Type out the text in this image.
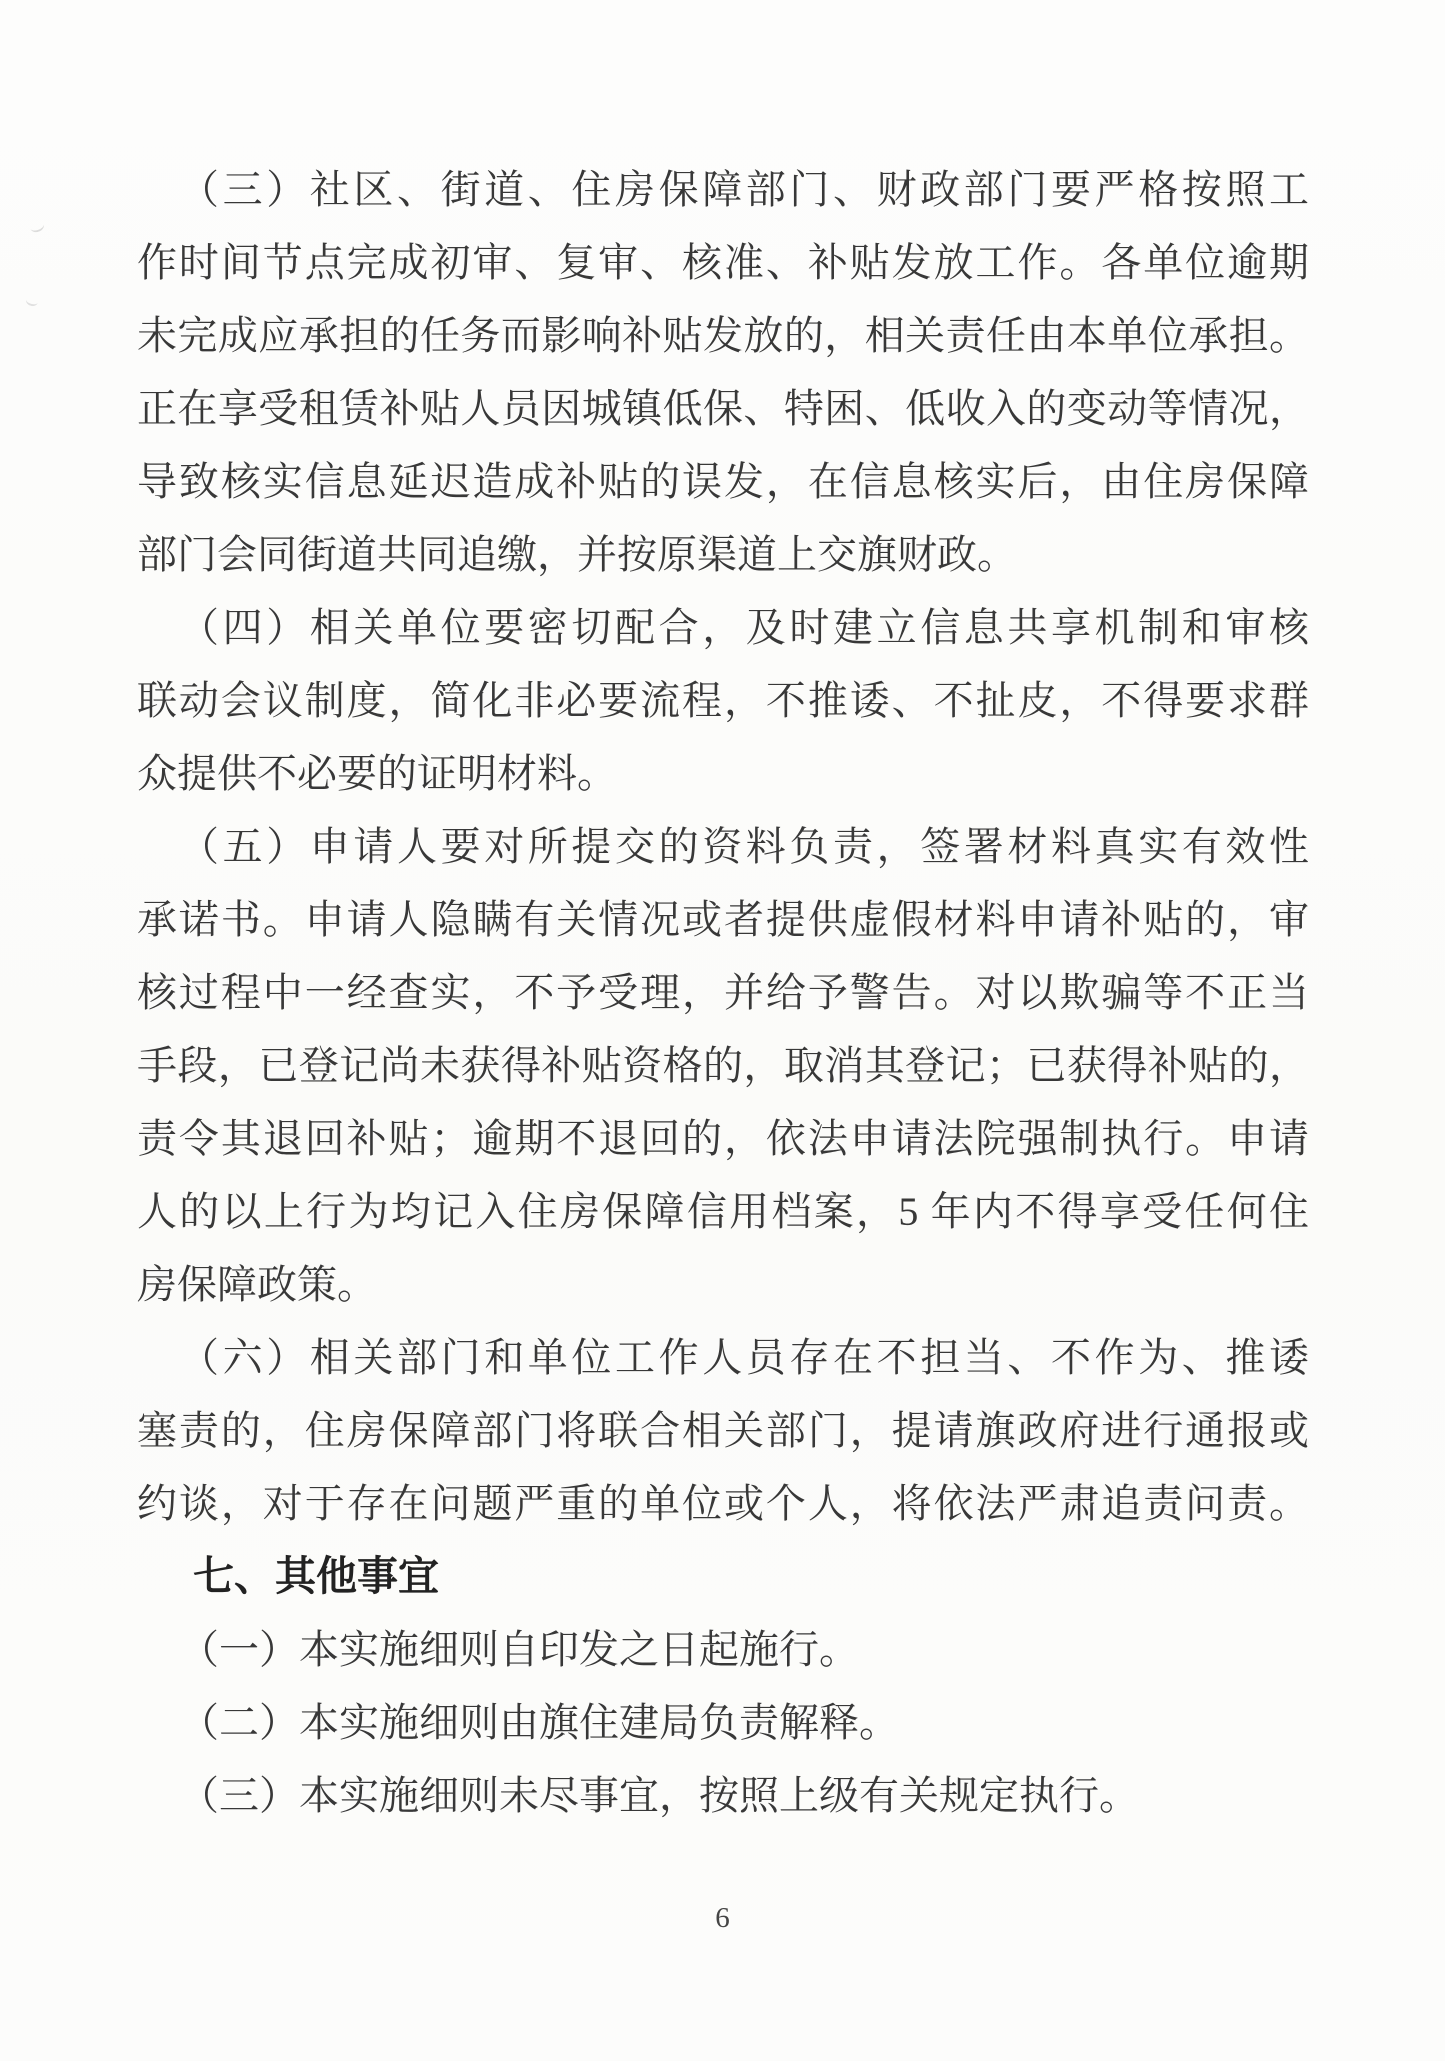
（三）社区、街道、住房保障部门、财政部门要严格按照工
作时间节点完成初审、复审、核准、补贴发放工作。各单位逾期
未完成应承担的任务而影响补贴发放的，相关责任由本单位承担。
正在享受租赁补贴人员因城镇低保、特困、低收入的变动等情况，
导致核实信息延迟造成补贴的误发，在信息核实后，由住房保障
部门会同街道共同追缴，并按原渠道上交旗财政。
（四）相关单位要密切配合，及时建立信息共享机制和审核
联动会议制度，简化非必要流程，不推诿、不扯皮，不得要求群
众提供不必要的证明材料。
（五）申请人要对所提交的资料负责，签署材料真实有效性
承诺书。申请人隐瞒有关情况或者提供虚假材料申请补贴的，审
核过程中一经查实，不予受理，并给予警告。对以欺骗等不正当
手段，已登记尚未获得补贴资格的，取消其登记；已获得补贴的，
责令其退回补贴；逾期不退回的，依法申请法院强制执行。申请
人的以上行为均记入住房保障信用档案，5 年内不得享受任何住
房保障政策。
（六）相关部门和单位工作人员存在不担当、不作为、推诿
塞责的，住房保障部门将联合相关部门，提请旗政府进行通报或
约谈，对于存在问题严重的单位或个人，将依法严肃追责问责。
七、其他事宜
（一）本实施细则自印发之日起施行。
（二）本实施细则由旗住建局负责解释。
（三）本实施细则未尽事宜，按照上级有关规定执行。
6
